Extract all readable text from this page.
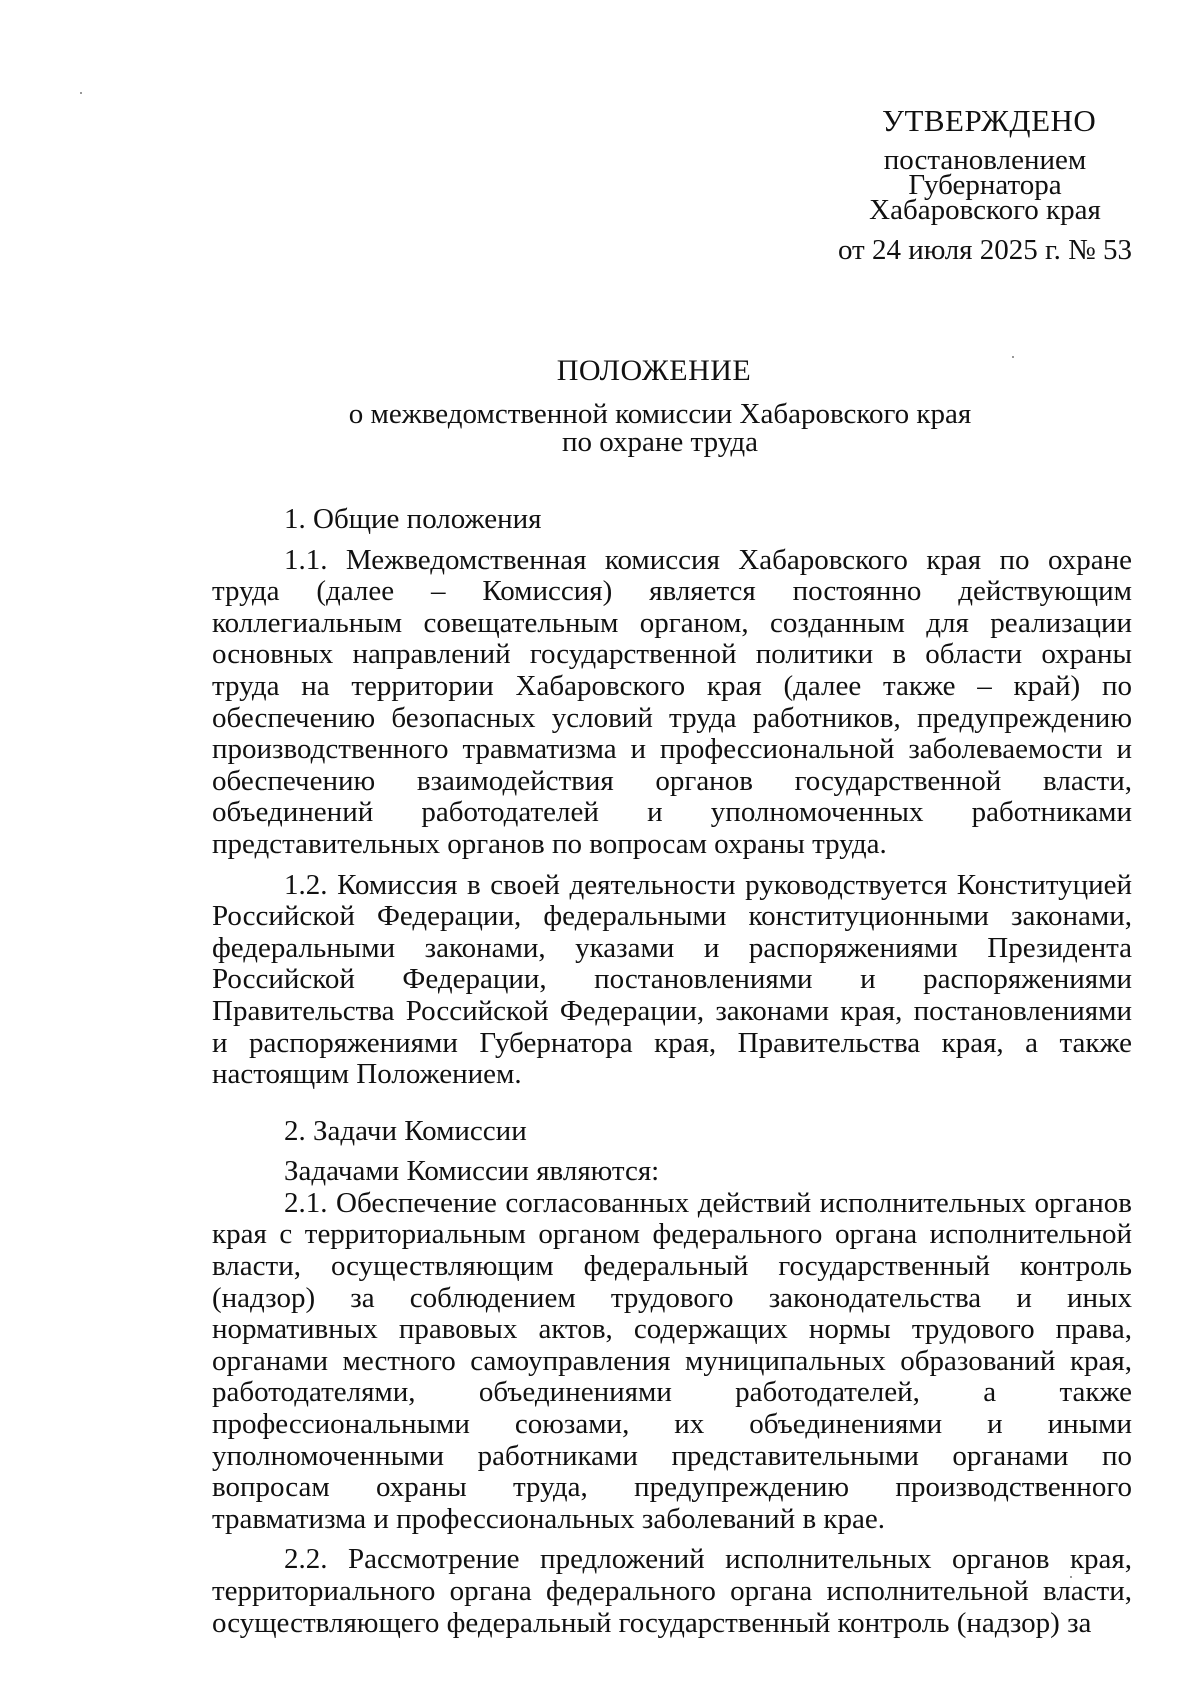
УТВЕРЖДЕНО
постановлением
Губернатора
Хабаровского края
от 24 июля 2025 г. № 53
ПОЛОЖЕНИЕ
о межведомственной комиссии Хабаровского края
по охране труда

1. Общие положения

1.1. Межведомственная комиссия Хабаровского края по охране труда (далее – Комиссия) является постоянно действующим коллегиальным совещательным органом, созданным для реализации основных направлений государственной политики в области охраны труда на территории Хабаровского края (далее также – край) по обеспечению безопасных условий труда работников, предупреждению производственного травматизма и профессиональной заболеваемости и обеспечению взаимодействия органов государственной власти, объединений работодателей и уполномоченных работниками представительных органов по вопросам охраны труда.

1.2. Комиссия в своей деятельности руководствуется Конституцией Российской Федерации, федеральными конституционными законами, федеральными законами, указами и распоряжениями Президента Российской Федерации, постановлениями и распоряжениями Правительства Российской Федерации, законами края, постановлениями и распоряжениями Губернатора края, Правительства края, а также настоящим Положением.

2. Задачи Комиссии

Задачами Комиссии являются:

2.1. Обеспечение согласованных действий исполнительных органов края с территориальным органом федерального органа исполнительной власти, осуществляющим федеральный государственный контроль (надзор) за соблюдением трудового законодательства и иных нормативных правовых актов, содержащих нормы трудового права, органами местного самоуправления муниципальных образований края, работодателями, объединениями работодателей, а также профессиональными союзами, их объединениями и иными уполномоченными работниками представительными органами по вопросам охраны труда, предупреждению производственного травматизма и профессиональных заболеваний в крае.

2.2. Рассмотрение предложений исполнительных органов края, территориального органа федерального органа исполнительной власти, осуществляющего федеральный государственный контроль (надзор) за
